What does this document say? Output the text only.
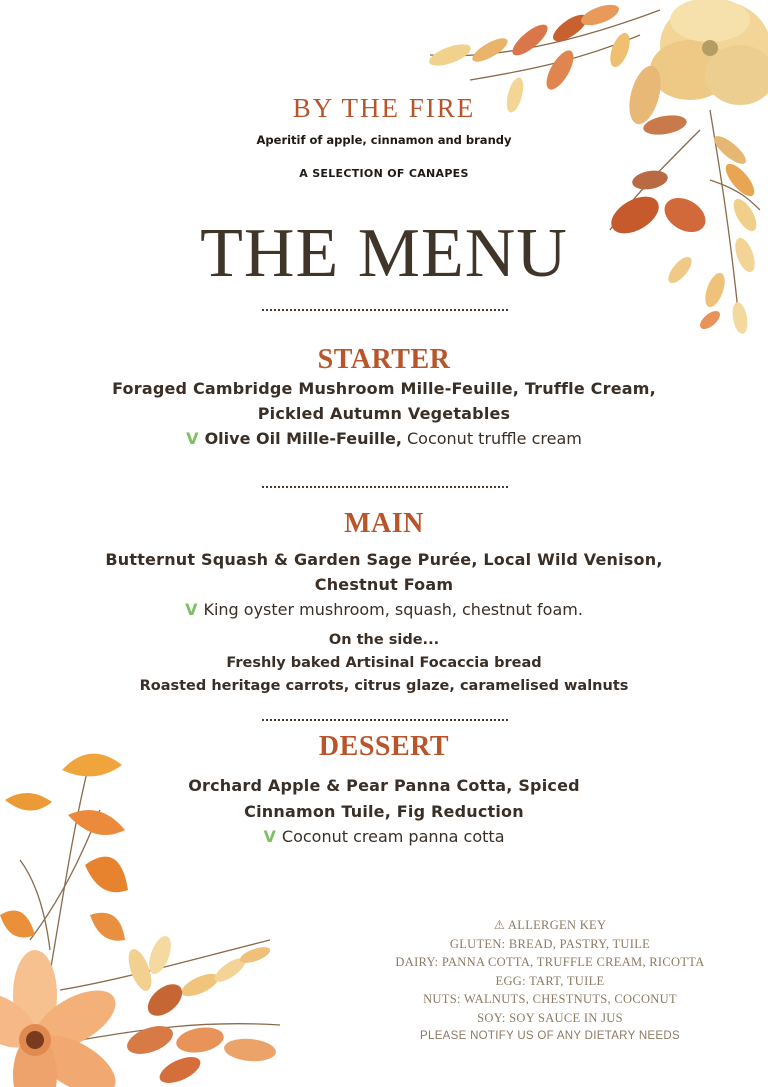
BY THE FIRE
Aperitif of apple, cinnamon and brandy
A SELECTION OF CANAPES
THE MENU
STARTER
Foraged Cambridge Mushroom Mille-Feuille, Truffle Cream,
Pickled Autumn Vegetables
V Olive Oil Mille-Feuille, Coconut truffle cream
MAIN
Butternut Squash & Garden Sage Purée, Local Wild Venison,
Chestnut Foam
V King oyster mushroom, squash, chestnut foam.
On the side...
Freshly baked Artisinal Focaccia bread
Roasted heritage carrots, citrus glaze, caramelised walnuts
DESSERT
Orchard Apple & Pear Panna Cotta, Spiced
Cinnamon Tuile, Fig Reduction
V Coconut cream panna cotta
⚠ ALLERGEN KEY
GLUTEN: BREAD, PASTRY, TUILE
DAIRY: PANNA COTTA, TRUFFLE CREAM, RICOTTA
EGG: TART, TUILE
NUTS: WALNUTS, CHESTNUTS, COCONUT
SOY: SOY SAUCE IN JUS
PLEASE NOTIFY US OF ANY DIETARY NEEDS
